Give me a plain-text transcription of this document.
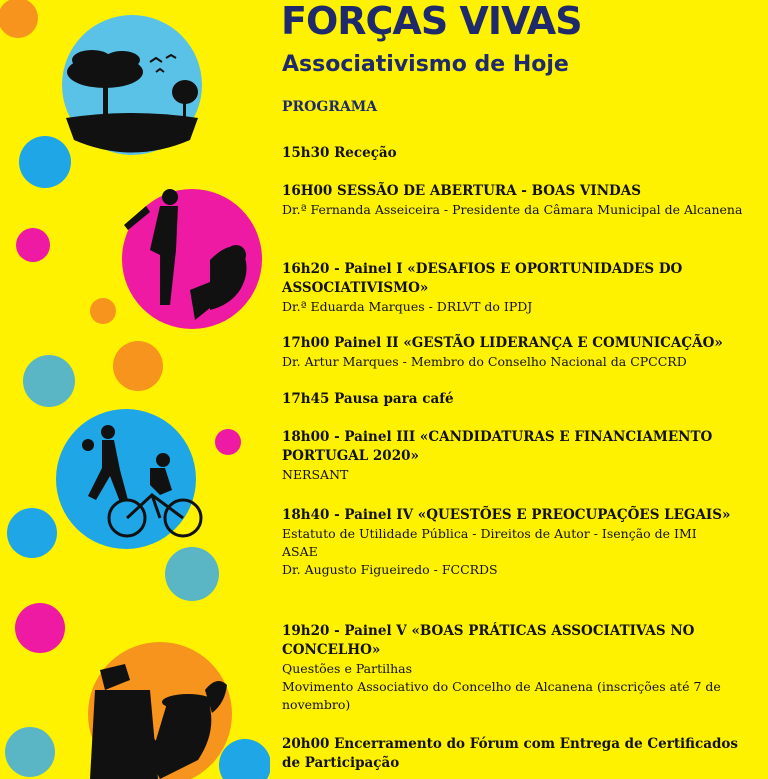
FORÇAS VIVAS
Associativismo de Hoje
PROGRAMA
15h30 Receção
16H00 SESSÃO DE ABERTURA - BOAS VINDAS
Dr.ª Fernanda Asseiceira - Presidente da Câmara Municipal de Alcanena
16h20 - Painel I «DESAFIOS E OPORTUNIDADES DO ASSOCIATIVISMO»
Dr.ª Eduarda Marques - DRLVT do IPDJ
17h00 Painel II «GESTÃO LIDERANÇA E COMUNICAÇÃO»
Dr. Artur Marques - Membro do Conselho Nacional da CPCCRD
17h45 Pausa para café
18h00 - Painel III «CANDIDATURAS E FINANCIAMENTO PORTUGAL 2020»
NERSANT
18h40 - Painel IV «QUESTÕES E PREOCUPAÇÕES LEGAIS»
Estatuto de Utilidade Pública - Direitos de Autor - Isenção de IMI
ASAE
Dr. Augusto Figueiredo - FCCRDS
19h20 - Painel V «BOAS PRÁTICAS ASSOCIATIVAS NO CONCELHO»
Questões e Partilhas
Movimento Associativo do Concelho de Alcanena (inscrições até 7 de novembro)
20h00 Encerramento do Fórum com Entrega de Certificados de Participação
